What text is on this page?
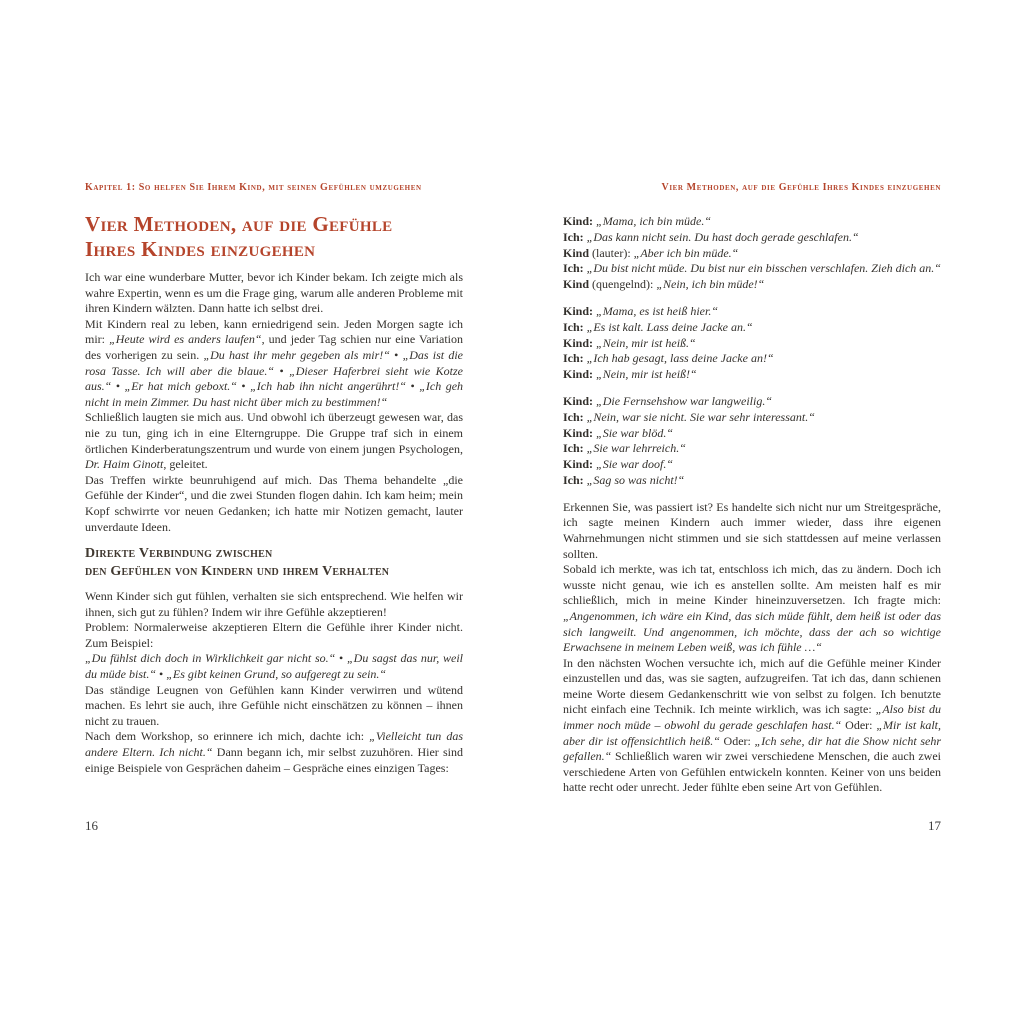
Kapitel 1: So helfen Sie Ihrem Kind, mit seinen Gefühlen umzugehen
Vier Methoden, auf die Gefühle
Ihres Kindes einzugehen
Ich war eine wunderbare Mutter, bevor ich Kinder bekam. Ich zeigte mich als wahre Expertin, wenn es um die Frage ging, warum alle anderen Probleme mit ihren Kindern wälzten. Dann hatte ich selbst drei.
Mit Kindern real zu leben, kann erniedrigend sein. Jeden Morgen sagte ich mir: „Heute wird es anders laufen“, und jeder Tag schien nur eine Variation des vorherigen zu sein. „Du hast ihr mehr gegeben als mir!“ • „Das ist die rosa Tasse. Ich will aber die blaue.“ • „Dieser Haferbrei sieht wie Kotze aus.“ • „Er hat mich geboxt.“ • „Ich hab ihn nicht angerührt!“ • „Ich geh nicht in mein Zimmer. Du hast nicht über mich zu bestimmen!“
Schließlich laugten sie mich aus. Und obwohl ich überzeugt gewesen war, das nie zu tun, ging ich in eine Elterngruppe. Die Gruppe traf sich in einem örtlichen Kinderberatungszentrum und wurde von einem jungen Psychologen, Dr. Haim Ginott, geleitet.
Das Treffen wirkte beunruhigend auf mich. Das Thema behandelte „die Gefühle der Kinder“, und die zwei Stunden flogen dahin. Ich kam heim; mein Kopf schwirrte vor neuen Gedanken; ich hatte mir Notizen gemacht, lauter unverdaute Ideen.
Direkte Verbindung zwischen
den Gefühlen von Kindern und ihrem Verhalten
Wenn Kinder sich gut fühlen, verhalten sie sich entsprechend. Wie helfen wir ihnen, sich gut zu fühlen? Indem wir ihre Gefühle akzeptieren!
Problem: Normalerweise akzeptieren Eltern die Gefühle ihrer Kinder nicht. Zum Beispiel:
„Du fühlst dich doch in Wirklichkeit gar nicht so.“ • „Du sagst das nur, weil du müde bist.“ • „Es gibt keinen Grund, so aufgeregt zu sein.“
Das ständige Leugnen von Gefühlen kann Kinder verwirren und wütend machen. Es lehrt sie auch, ihre Gefühle nicht einschätzen zu können – ihnen nicht zu trauen.
Nach dem Workshop, so erinnere ich mich, dachte ich: „Vielleicht tun das andere Eltern. Ich nicht.“ Dann begann ich, mir selbst zuzuhören. Hier sind einige Beispiele von Gesprächen daheim – Gespräche eines einzigen Tages:
16
Vier Methoden, auf die Gefühle Ihres Kindes einzugehen
Kind: „Mama, ich bin müde.“
Ich: „Das kann nicht sein. Du hast doch gerade geschlafen.“
Kind (lauter): „Aber ich bin müde.“
Ich: „Du bist nicht müde. Du bist nur ein bisschen verschlafen. Zieh dich an.“
Kind (quengelnd): „Nein, ich bin müde!“
Kind: „Mama, es ist heiß hier.“
Ich: „Es ist kalt. Lass deine Jacke an.“
Kind: „Nein, mir ist heiß.“
Ich: „Ich hab gesagt, lass deine Jacke an!“
Kind: „Nein, mir ist heiß!“
Kind: „Die Fernsehshow war langweilig.“
Ich: „Nein, war sie nicht. Sie war sehr interessant.“
Kind: „Sie war blöd.“
Ich: „Sie war lehrreich.“
Kind: „Sie war doof.“
Ich: „Sag so was nicht!“
Erkennen Sie, was passiert ist? Es handelte sich nicht nur um Streitgespräche, ich sagte meinen Kindern auch immer wieder, dass ihre eigenen Wahrnehmungen nicht stimmen und sie sich stattdessen auf meine verlassen sollten.
Sobald ich merkte, was ich tat, entschloss ich mich, das zu ändern. Doch ich wusste nicht genau, wie ich es anstellen sollte. Am meisten half es mir schließlich, mich in meine Kinder hineinzuversetzen. Ich fragte mich: „Angenommen, ich wäre ein Kind, das sich müde fühlt, dem heiß ist oder das sich langweilt. Und angenommen, ich möchte, dass der ach so wichtige Erwachsene in meinem Leben weiß, was ich fühle …“
In den nächsten Wochen versuchte ich, mich auf die Gefühle meiner Kinder einzustellen und das, was sie sagten, aufzugreifen. Tat ich das, dann schienen meine Worte diesem Gedankenschritt wie von selbst zu folgen. Ich benutzte nicht einfach eine Technik. Ich meinte wirklich, was ich sagte: „Also bist du immer noch müde – obwohl du gerade geschlafen hast.“ Oder: „Mir ist kalt, aber dir ist offensichtlich heiß.“ Oder: „Ich sehe, dir hat die Show nicht sehr gefallen.“ Schließlich waren wir zwei verschiedene Menschen, die auch zwei verschiedene Arten von Gefühlen entwickeln konnten. Keiner von uns beiden hatte recht oder unrecht. Jeder fühlte eben seine Art von Gefühlen.
17
